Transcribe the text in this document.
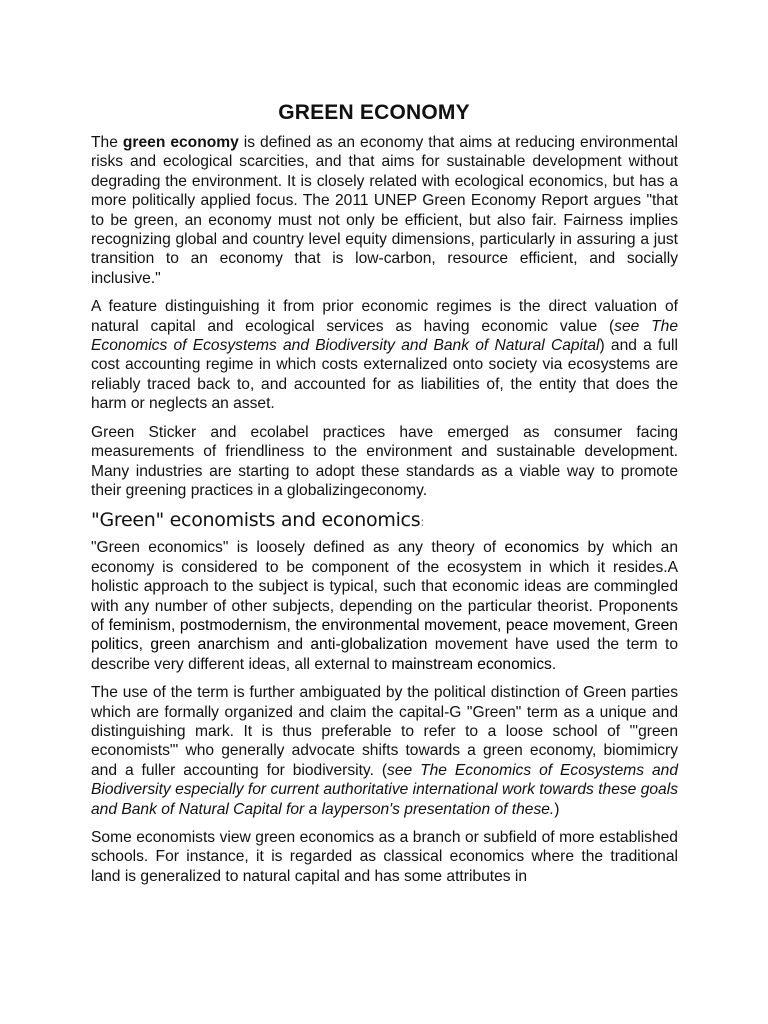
GREEN ECONOMY

The green economy is defined as an economy that aims at reducing environmental risks and ecological scarcities, and that aims for sustainable development without degrading the environment. It is closely related with ecological economics, but has a more politically applied focus. The 2011 UNEP Green Economy Report argues "that to be green, an economy must not only be efficient, but also fair. Fairness implies recognizing global and country level equity dimensions, particularly in assuring a just transition to an economy that is low-carbon, resource efficient, and socially inclusive."

A feature distinguishing it from prior economic regimes is the direct valuation of natural capital and ecological services as having economic value (see The Economics of Ecosystems and Biodiversity and Bank of Natural Capital) and a full cost accounting regime in which costs externalized onto society via ecosystems are reliably traced back to, and accounted for as liabilities of, the entity that does the harm or neglects an asset.

Green Sticker and ecolabel practices have emerged as consumer facing measurements of friendliness to the environment and sustainable development. Many industries are starting to adopt these standards as a viable way to promote their greening practices in a globalizingeconomy.

"Green" economists and economics:

"Green economics" is loosely defined as any theory of economics by which an economy is considered to be component of the ecosystem in which it resides.A holistic approach to the subject is typical, such that economic ideas are commingled with any number of other subjects, depending on the particular theorist. Proponents of feminism, postmodernism, the environmental movement, peace movement, Green politics, green anarchism and anti-globalization movement have used the term to describe very different ideas, all external to mainstream economics.

The use of the term is further ambiguated by the political distinction of Green parties which are formally organized and claim the capital-G "Green" term as a unique and distinguishing mark. It is thus preferable to refer to a loose school of "'green economists"' who generally advocate shifts towards a green economy, biomimicry and a fuller accounting for biodiversity. (see The Economics of Ecosystems and Biodiversity especially for current authoritative international work towards these goals and Bank of Natural Capital for a layperson's presentation of these.)

Some economists view green economics as a branch or subfield of more established schools. For instance, it is regarded as classical economics where the traditional land is generalized to natural capital and has some attributes in
